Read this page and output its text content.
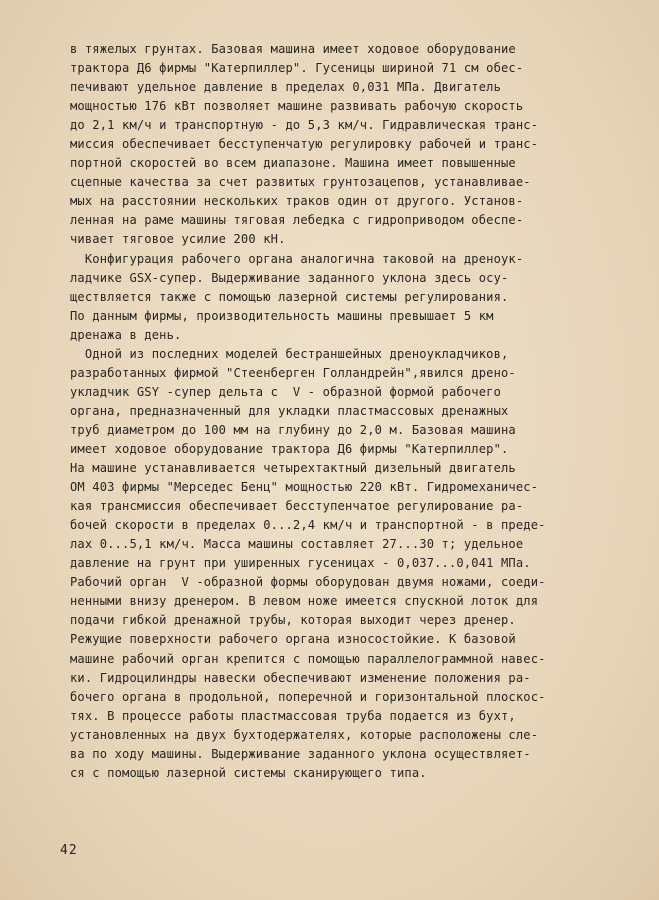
в тяжелых грунтах. Базовая машина имеет ходовое оборудование
трактора Д6 фирмы "Катерпиллер". Гусеницы шириной 71 см обес-
печивают удельное давление в пределах 0,031 МПа. Двигатель
мощностью 176 кВт позволяет машине развивать рабочую скорость
до 2,1 км/ч и транспортную - до 5,3 км/ч. Гидравлическая транс-
миссия обеспечивает бесступенчатую регулировку рабочей и транс-
портной скоростей во всем диапазоне. Машина имеет повышенные
сцепные качества за счет развитых грунтозацепов, устанавливае-
мых на расстоянии нескольких траков один от другого. Установ-
ленная на раме машины тяговая лебедка с гидроприводом обеспе-
чивает тяговое усилие 200 кН.
Конфигурация рабочего органа аналогична таковой на дреноук-
ладчике GSX-супер. Выдерживание заданного уклона здесь осу-
ществляется также с помощью лазерной системы регулирования.
По данным фирмы, производительность машины превышает 5 км
дренажа в день.
Одной из последних моделей бестраншейных дреноукладчиков,
разработанных фирмой "Стеенберген Голландрейн",явился дрено-
укладчик GSY -супер дельта с  V - образной формой рабочего
органа, предназначенный для укладки пластмассовых дренажных
труб диаметром до 100 мм на глубину до 2,0 м. Базовая машина
имеет ходовое оборудование трактора Д6 фирмы "Катерпиллер".
На машине устанавливается четырехтактный дизельный двигатель
ОМ 403 фирмы "Мерседес Бенц" мощностью 220 кВт. Гидромеханичес-
кая трансмиссия обеспечивает бесступенчатое регулирование ра-
бочей скорости в пределах 0...2,4 км/ч и транспортной - в преде-
лах 0...5,1 км/ч. Масса машины составляет 27...30 т; удельное
давление на грунт при уширенных гусеницах - 0,037...0,041 МПа.
Рабочий орган  V -образной формы оборудован двумя ножами, соеди-
ненными внизу дренером. В левом ноже имеется спускной лоток для
подачи гибкой дренажной трубы, которая выходит через дренер.
Режущие поверхности рабочего органа износостойкие. К базовой
машине рабочий орган крепится с помощью параллелограммной навес-
ки. Гидроцилиндры навески обеспечивают изменение положения ра-
бочего органа в продольной, поперечной и горизонтальной плоскос-
тях. В процессе работы пластмассовая труба подается из бухт,
установленных на двух бухтодержателях, которые расположены сле-
ва по ходу машины. Выдерживание заданного уклона осуществляет-
ся с помощью лазерной системы сканирующего типа.
42
